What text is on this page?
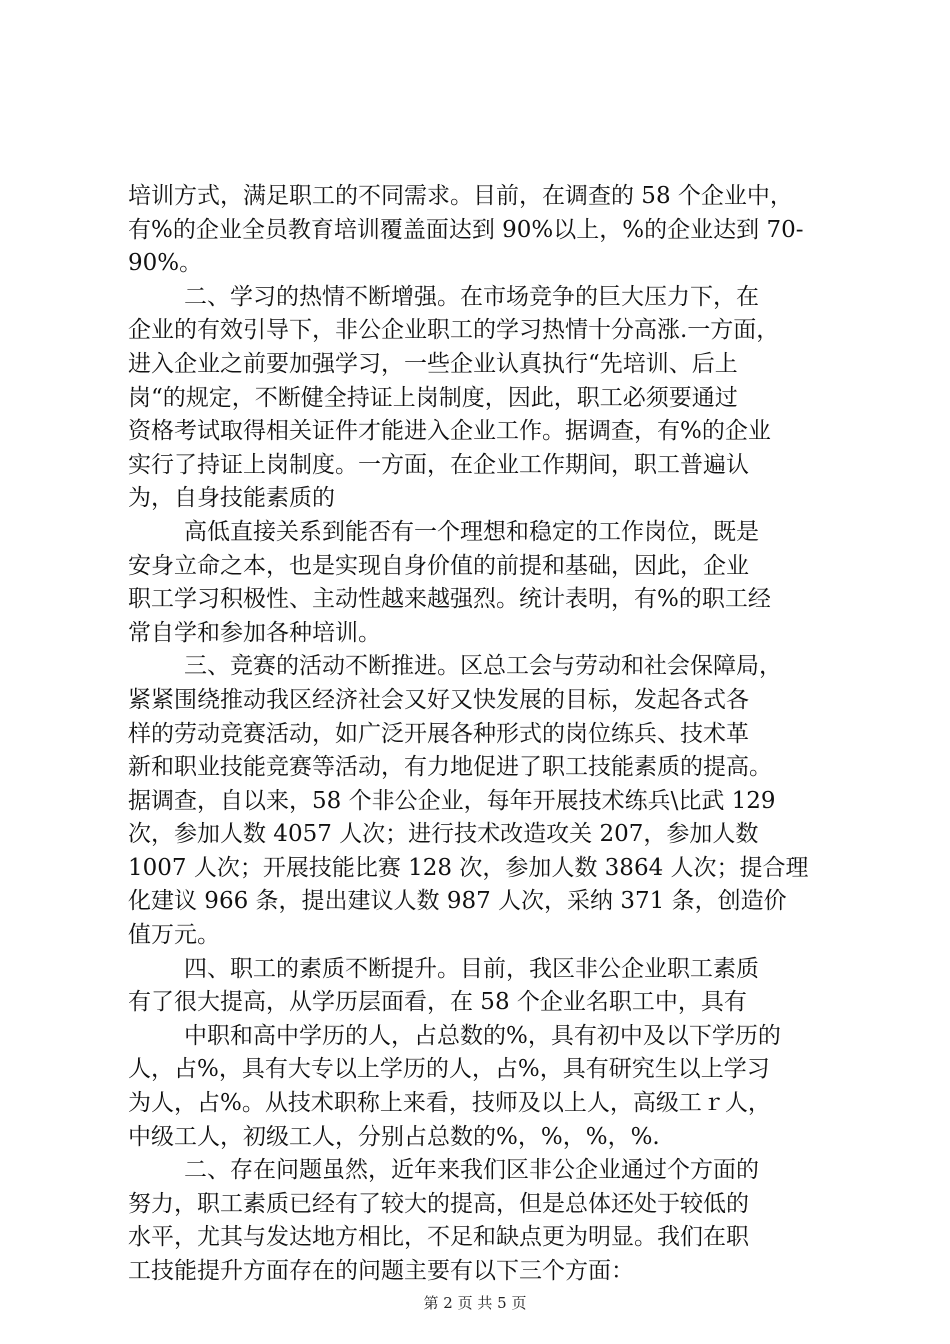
培训方式，满足职工的不同需求。目前，在调查的 58 个企业中，
有%的企业全员教育培训覆盖面达到 90%以上，%的企业达到 70-
90%。
二、学习的热情不断增强。在市场竞争的巨大压力下，在
企业的有效引导下，非公企业职工的学习热情十分高涨.一方面，
进入企业之前要加强学习，一些企业认真执行“先培训、后上
岗“的规定，不断健全持证上岗制度，因此，职工必须要通过
资格考试取得相关证件才能进入企业工作。据调查，有%的企业
实行了持证上岗制度。一方面，在企业工作期间，职工普遍认
为，自身技能素质的
高低直接关系到能否有一个理想和稳定的工作岗位，既是
安身立命之本，也是实现自身价值的前提和基础，因此，企业
职工学习积极性、主动性越来越强烈。统计表明，有%的职工经
常自学和参加各种培训。
三、竞赛的活动不断推进。区总工会与劳动和社会保障局，
紧紧围绕推动我区经济社会又好又快发展的目标，发起各式各
样的劳动竞赛活动，如广泛开展各种形式的岗位练兵、技术革
新和职业技能竞赛等活动，有力地促进了职工技能素质的提高。
据调查，自以来，58 个非公企业，每年开展技术练兵\比武 129
次，参加人数 4057 人次；进行技术改造攻关 207，参加人数
1007 人次；开展技能比赛 128 次，参加人数 3864 人次；提合理
化建议 966 条，提出建议人数 987 人次，采纳 371 条，创造价
值万元。
四、职工的素质不断提升。目前，我区非公企业职工素质
有了很大提高，从学历层面看，在 58 个企业名职工中，具有
中职和高中学历的人，占总数的%，具有初中及以下学历的
人，占%，具有大专以上学历的人，占%，具有研究生以上学习
为人，占%。从技术职称上来看，技师及以上人，高级工ｒ人，
中级工人，初级工人，分别占总数的%，%，%，%.
二、存在问题虽然，近年来我们区非公企业通过个方面的
努力，职工素质已经有了较大的提高，但是总体还处于较低的
水平，尤其与发达地方相比，不足和缺点更为明显。我们在职
工技能提升方面存在的问题主要有以下三个方面：
第 2 页 共 5 页
